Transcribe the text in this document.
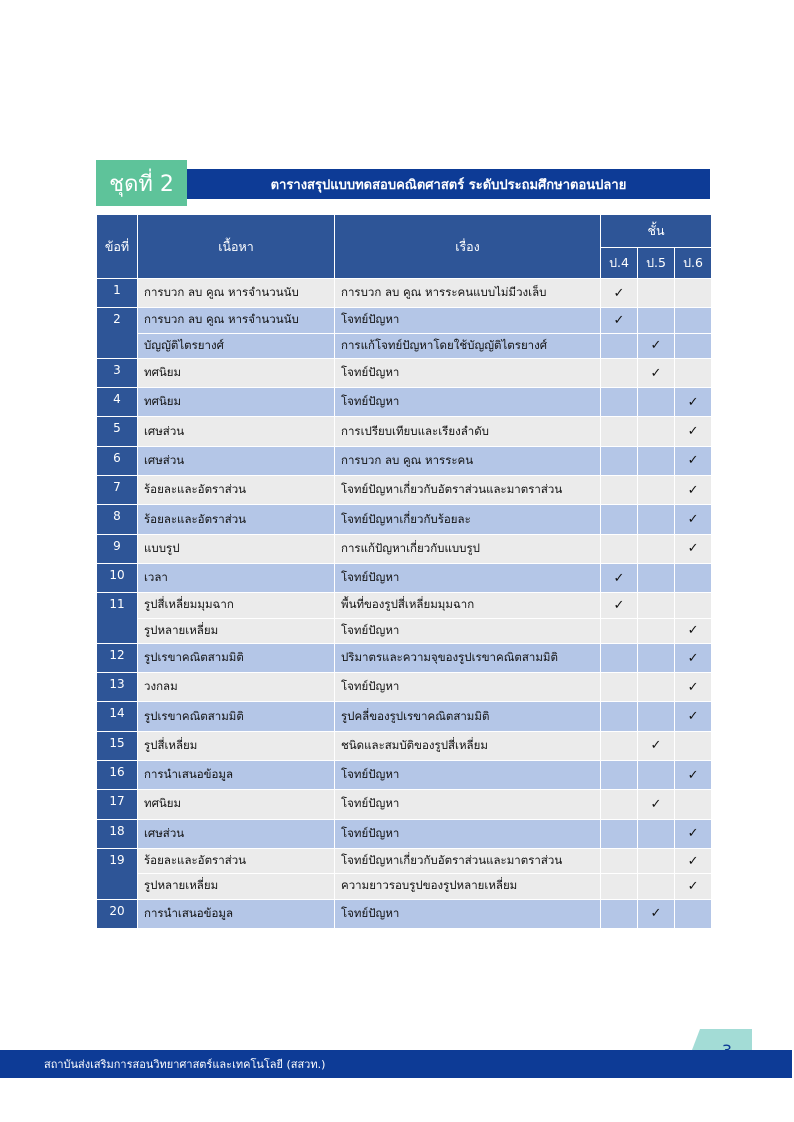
ชุดที่ 2	ตารางสรุปแบบทดสอบคณิตศาสตร์ ระดับประถมศึกษาตอนปลาย
ข้อที่	เนื้อหา	เรื่อง	ชั้น		
			ป.4	ป.5	ป.6
1	การบวก ลบ คูณ หารจำนวนนับ	การบวก ลบ คูณ หารระคนแบบไม่มีวงเล็บ	✓		
2	การบวก ลบ คูณ หารจำนวนนับ	โจทย์ปัญหา	✓		
	บัญญัติไตรยางศ์	การแก้โจทย์ปัญหาโดยใช้บัญญัติไตรยางศ์		✓	
3	ทศนิยม	โจทย์ปัญหา		✓	
4	ทศนิยม	โจทย์ปัญหา			✓
5	เศษส่วน	การเปรียบเทียบและเรียงลำดับ			✓
6	เศษส่วน	การบวก ลบ คูณ หารระคน			✓
7	ร้อยละและอัตราส่วน	โจทย์ปัญหาเกี่ยวกับอัตราส่วนและมาตราส่วน			✓
8	ร้อยละและอัตราส่วน	โจทย์ปัญหาเกี่ยวกับร้อยละ			✓
9	แบบรูป	การแก้ปัญหาเกี่ยวกับแบบรูป			✓
10	เวลา	โจทย์ปัญหา	✓		
11	รูปสี่เหลี่ยมมุมฉาก	พื้นที่ของรูปสี่เหลี่ยมมุมฉาก	✓		
	รูปหลายเหลี่ยม	โจทย์ปัญหา			✓
12	รูปเรขาคณิตสามมิติ	ปริมาตรและความจุของรูปเรขาคณิตสามมิติ			✓
13	วงกลม	โจทย์ปัญหา			✓
14	รูปเรขาคณิตสามมิติ	รูปคลี่ของรูปเรขาคณิตสามมิติ			✓
15	รูปสี่เหลี่ยม	ชนิดและสมบัติของรูปสี่เหลี่ยม		✓	
16	การนำเสนอข้อมูล	โจทย์ปัญหา			✓
17	ทศนิยม	โจทย์ปัญหา		✓	
18	เศษส่วน	โจทย์ปัญหา			✓
19	ร้อยละและอัตราส่วน	โจทย์ปัญหาเกี่ยวกับอัตราส่วนและมาตราส่วน			✓
	รูปหลายเหลี่ยม	ความยาวรอบรูปของรูปหลายเหลี่ยม			✓
20	การนำเสนอข้อมูล	โจทย์ปัญหา		✓	
สถาบันส่งเสริมการสอนวิทยาศาสตร์และเทคโนโลยี (สสวท.)
